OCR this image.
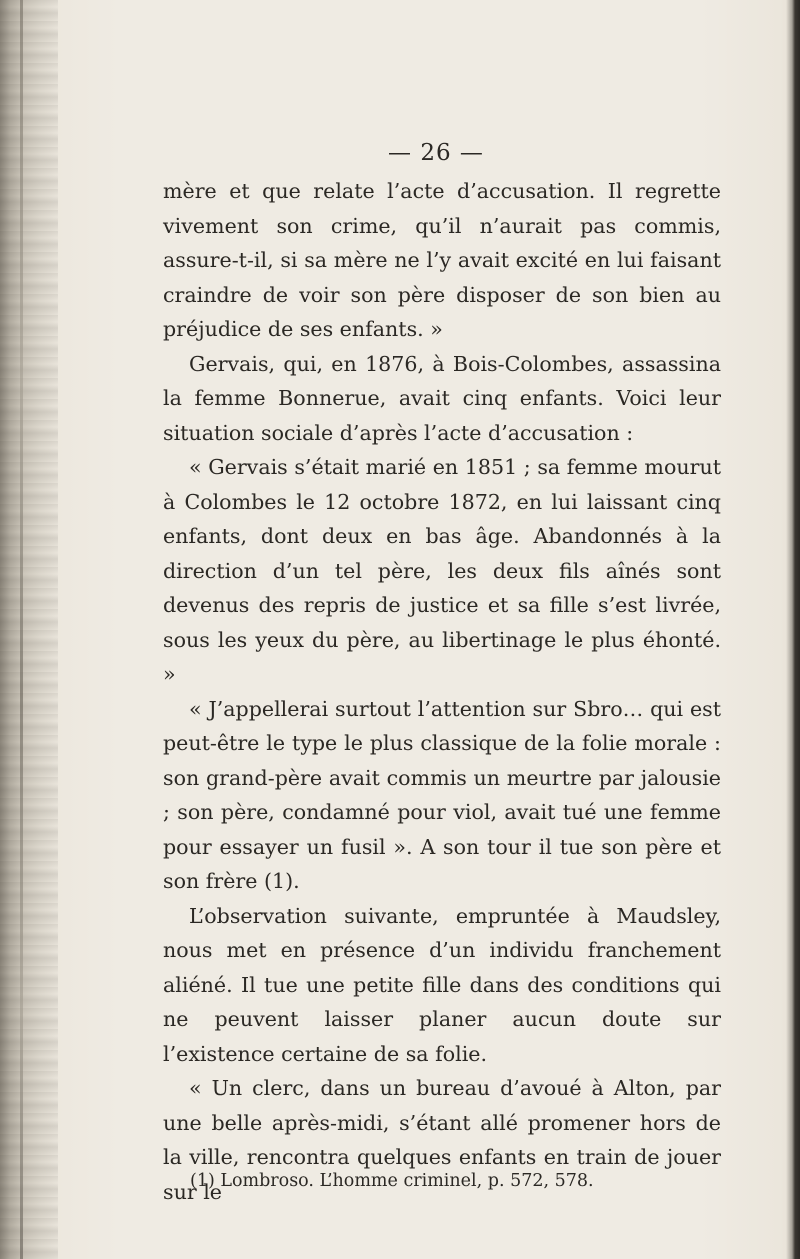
— 26 —

mère et que relate l’acte d’accusation. Il regrette vivement son crime, qu’il n’aurait pas commis, assure-t-il, si sa mère ne l’y avait excité en lui faisant craindre de voir son père disposer de son bien au préjudice de ses enfants. »

Gervais, qui, en 1876, à Bois-Colombes, assassina la femme Bonnerue, avait cinq enfants. Voici leur situation sociale d’après l’acte d’accusation :

« Gervais s’était marié en 1851 ; sa femme mourut à Colombes le 12 octobre 1872, en lui laissant cinq enfants, dont deux en bas âge. Abandonnés à la direction d’un tel père, les deux fils aînés sont devenus des repris de justice et sa fille s’est livrée, sous les yeux du père, au libertinage le plus éhonté. »

« J’appellerai surtout l’attention sur Sbro… qui est peut-être le type le plus classique de la folie morale : son grand-père avait commis un meurtre par jalousie ; son père, condamné pour viol, avait tué une femme pour essayer un fusil ». A son tour il tue son père et son frère (1).

L’observation suivante, empruntée à Maudsley, nous met en présence d’un individu franchement aliéné. Il tue une petite fille dans des conditions qui ne peuvent laisser planer aucun doute sur l’existence certaine de sa folie.

« Un clerc, dans un bureau d’avoué à Alton, par une belle après-midi, s’étant allé promener hors de la ville, rencontra quelques enfants en train de jouer sur le

(1) Lombroso. L’homme criminel, p. 572, 578.
